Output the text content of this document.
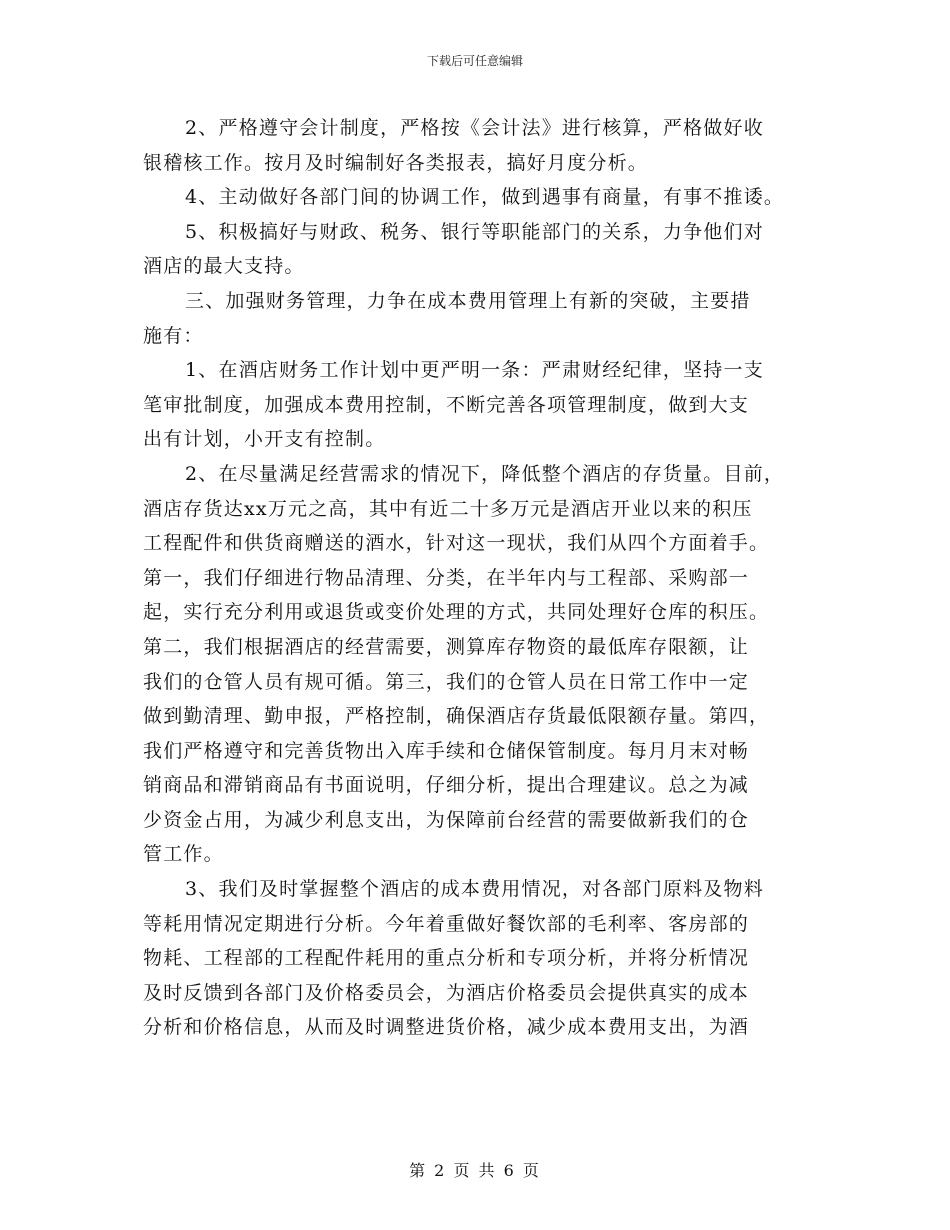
下载后可任意编辑
2、严格遵守会计制度，严格按《会计法》进行核算，严格做好收
银稽核工作。按月及时编制好各类报表，搞好月度分析。
4、主动做好各部门间的协调工作，做到遇事有商量，有事不推诿。
5、积极搞好与财政、税务、银行等职能部门的关系，力争他们对
酒店的最大支持。
三、加强财务管理，力争在成本费用管理上有新的突破，主要措
施有：
1、在酒店财务工作计划中更严明一条：严肃财经纪律，坚持一支
笔审批制度，加强成本费用控制，不断完善各项管理制度，做到大支
出有计划，小开支有控制。
2、在尽量满足经营需求的情况下，降低整个酒店的存货量。目前，
酒店存货达xx万元之高，其中有近二十多万元是酒店开业以来的积压
工程配件和供货商赠送的酒水，针对这一现状，我们从四个方面着手。
第一，我们仔细进行物品清理、分类，在半年内与工程部、采购部一
起，实行充分利用或退货或变价处理的方式，共同处理好仓库的积压。
第二，我们根据酒店的经营需要，测算库存物资的最低库存限额，让
我们的仓管人员有规可循。第三，我们的仓管人员在日常工作中一定
做到勤清理、勤申报，严格控制，确保酒店存货最低限额存量。第四，
我们严格遵守和完善货物出入库手续和仓储保管制度。每月月末对畅
销商品和滞销商品有书面说明，仔细分析，提出合理建议。总之为减
少资金占用，为减少利息支出，为保障前台经营的需要做新我们的仓
管工作。
3、我们及时掌握整个酒店的成本费用情况，对各部门原料及物料
等耗用情况定期进行分析。今年着重做好餐饮部的毛利率、客房部的
物耗、工程部的工程配件耗用的重点分析和专项分析，并将分析情况
及时反馈到各部门及价格委员会，为酒店价格委员会提供真实的成本
分析和价格信息，从而及时调整进货价格，减少成本费用支出，为酒
第 2 页 共 6 页
